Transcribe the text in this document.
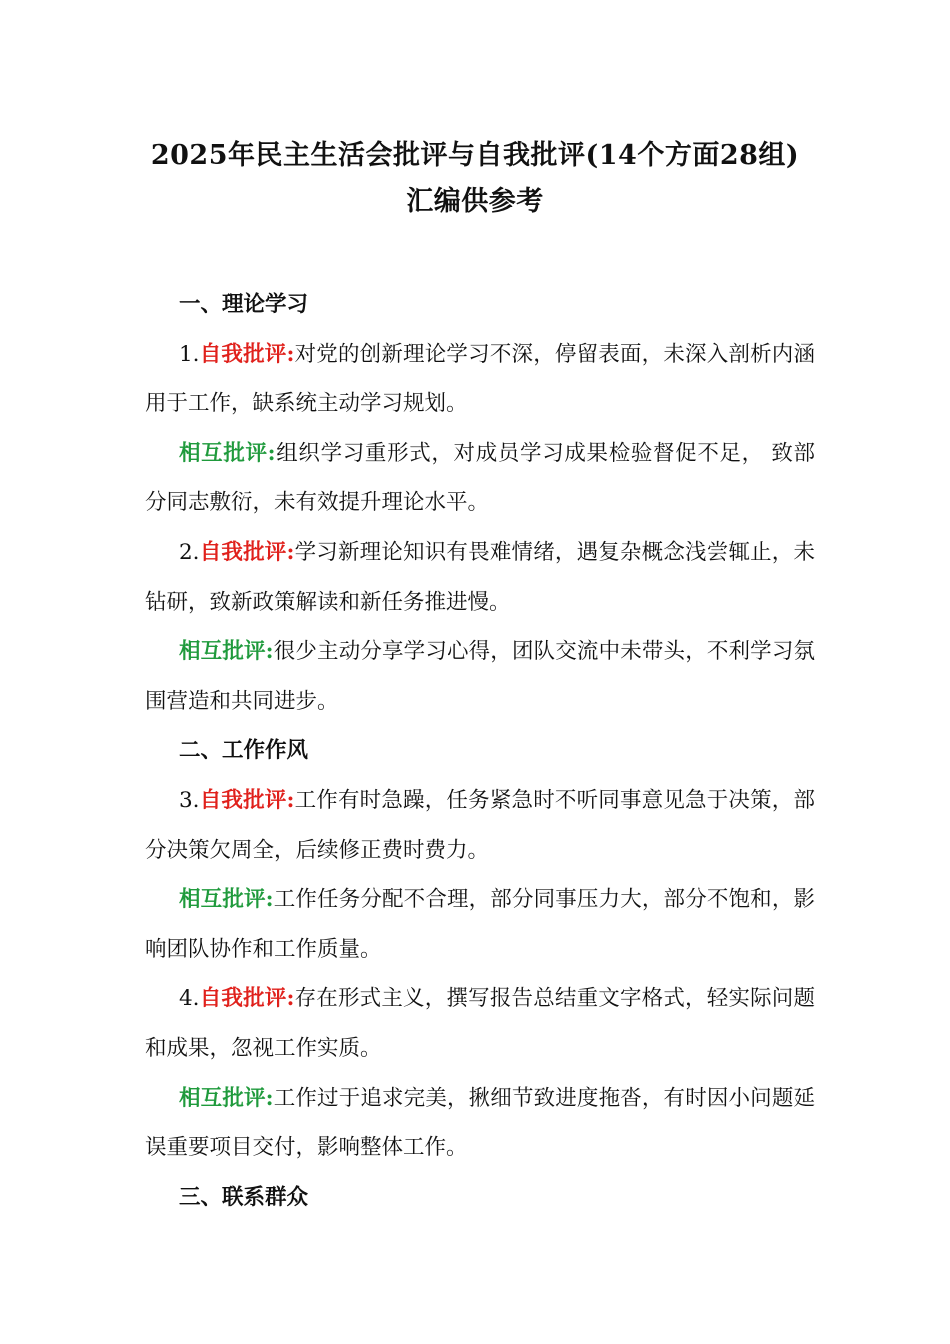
2025年民主生活会批评与自我批评(14个方面28组)
汇编供参考

一、理论学习

1.自我批评:对党的创新理论学习不深，停留表面，未深入剖析内涵用于工作，缺系统主动学习规划。

相互批评:组织学习重形式，对成员学习成果检验督促不足， 致部分同志敷衍，未有效提升理论水平。

2.自我批评:学习新理论知识有畏难情绪，遇复杂概念浅尝辄止，未钻研，致新政策解读和新任务推进慢。

相互批评:很少主动分享学习心得，团队交流中未带头，不利学习氛围营造和共同进步。

二、工作作风

3.自我批评:工作有时急躁，任务紧急时不听同事意见急于决策，部分决策欠周全，后续修正费时费力。

相互批评:工作任务分配不合理，部分同事压力大，部分不饱和，影响团队协作和工作质量。

4.自我批评:存在形式主义，撰写报告总结重文字格式，轻实际问题和成果，忽视工作实质。

相互批评:工作过于追求完美，揪细节致进度拖沓，有时因小问题延误重要项目交付，影响整体工作。

三、联系群众
